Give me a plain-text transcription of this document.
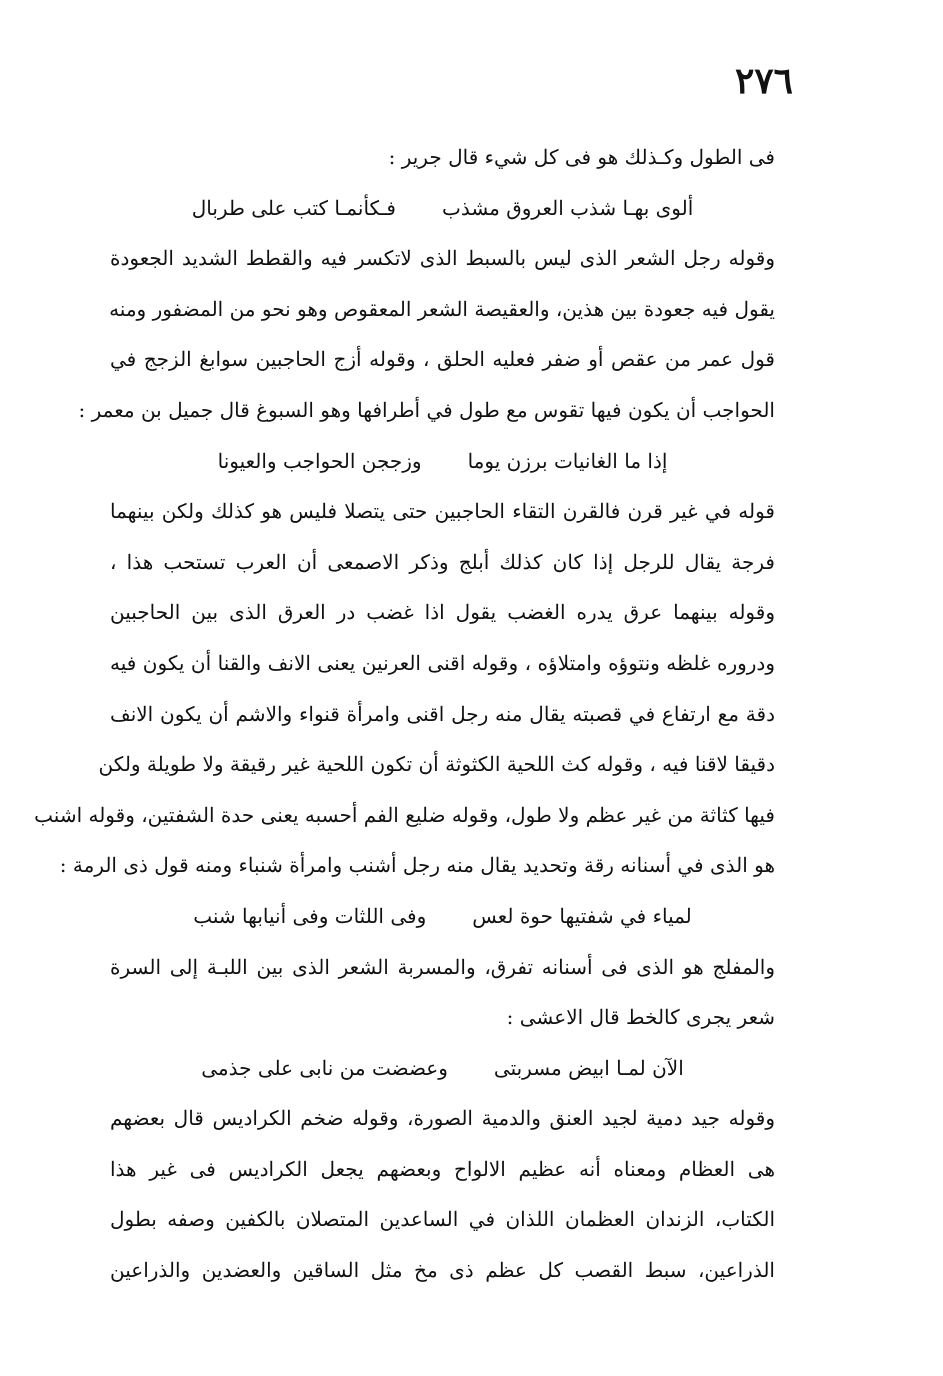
٢٧٦
فى الطول وكـذلك هو فى كل شيء قال جرير :
ألوى بهـا شذب العروق مشذب
فـكأنمـا كتب على طربال
وقوله رجل الشعر الذى ليس بالسبط الذى لاتكسر فيه والقطط الشديد الجعودة
يقول فيه جعودة بين هذين، والعقيصة الشعر المعقوص وهو نحو من المضفور ومنه
قول عمر من عقص أو ضفر فعليه الحلق ، وقوله أزج الحاجبين سوابغ الزجج في
الحواجب أن يكون فيها تقوس مع طول في أطرافها وهو السبوغ قال جميل بن معمر :
إذا ما الغانيات برزن يوما
وزججن الحواجب والعيونا
قوله في غير قرن فالقرن التقاء الحاجبين حتى يتصلا فليس هو كذلك ولكن بينهما
فرجة يقال للرجل إذا كان كذلك أبلج وذكر الاصمعى أن العرب تستحب هذا ،
وقوله بينهما عرق يدره الغضب يقول اذا غضب در العرق الذى بين الحاجبين
ودروره غلظه ونتوؤه وامتلاؤه ، وقوله اقنى العرنين يعنى الانف والقنا أن يكون فيه
دقة مع ارتفاع في قصبته يقال منه رجل اقنى وامرأة قنواء والاشم أن يكون الانف
دقيقا لاقنا فيه ، وقوله كث اللحية الكثوثة أن تكون اللحية غير رقيقة ولا طويلة ولكن
فيها كثاثة من غير عظم ولا طول، وقوله ضليع الفم أحسبه يعنى حدة الشفتين، وقوله اشنب
هو الذى في أسنانه رقة وتحديد يقال منه رجل أشنب وامرأة شنباء ومنه قول ذى الرمة :
لمياء في شفتيها حوة لعس
وفى اللثات وفى أنيابها شنب
والمفلج هو الذى فى أسنانه تفرق، والمسربة الشعر الذى بين اللبـة إلى السرة
شعر يجرى كالخط قال الاعشى :
الآن لمـا ابيض مسربتى
وعضضت من نابى على جذمى
وقوله جيد دمية لجيد العنق والدمية الصورة، وقوله ضخم الكراديس قال بعضهم
هى العظام ومعناه أنه عظيم الالواح وبعضهم يجعل الكراديس فى غير هذا
الكتاب، الزندان العظمان اللذان في الساعدين المتصلان بالكفين وصفه بطول
الذراعين، سبط القصب كل عظم ذى مخ مثل الساقين والعضدين والذراعين
